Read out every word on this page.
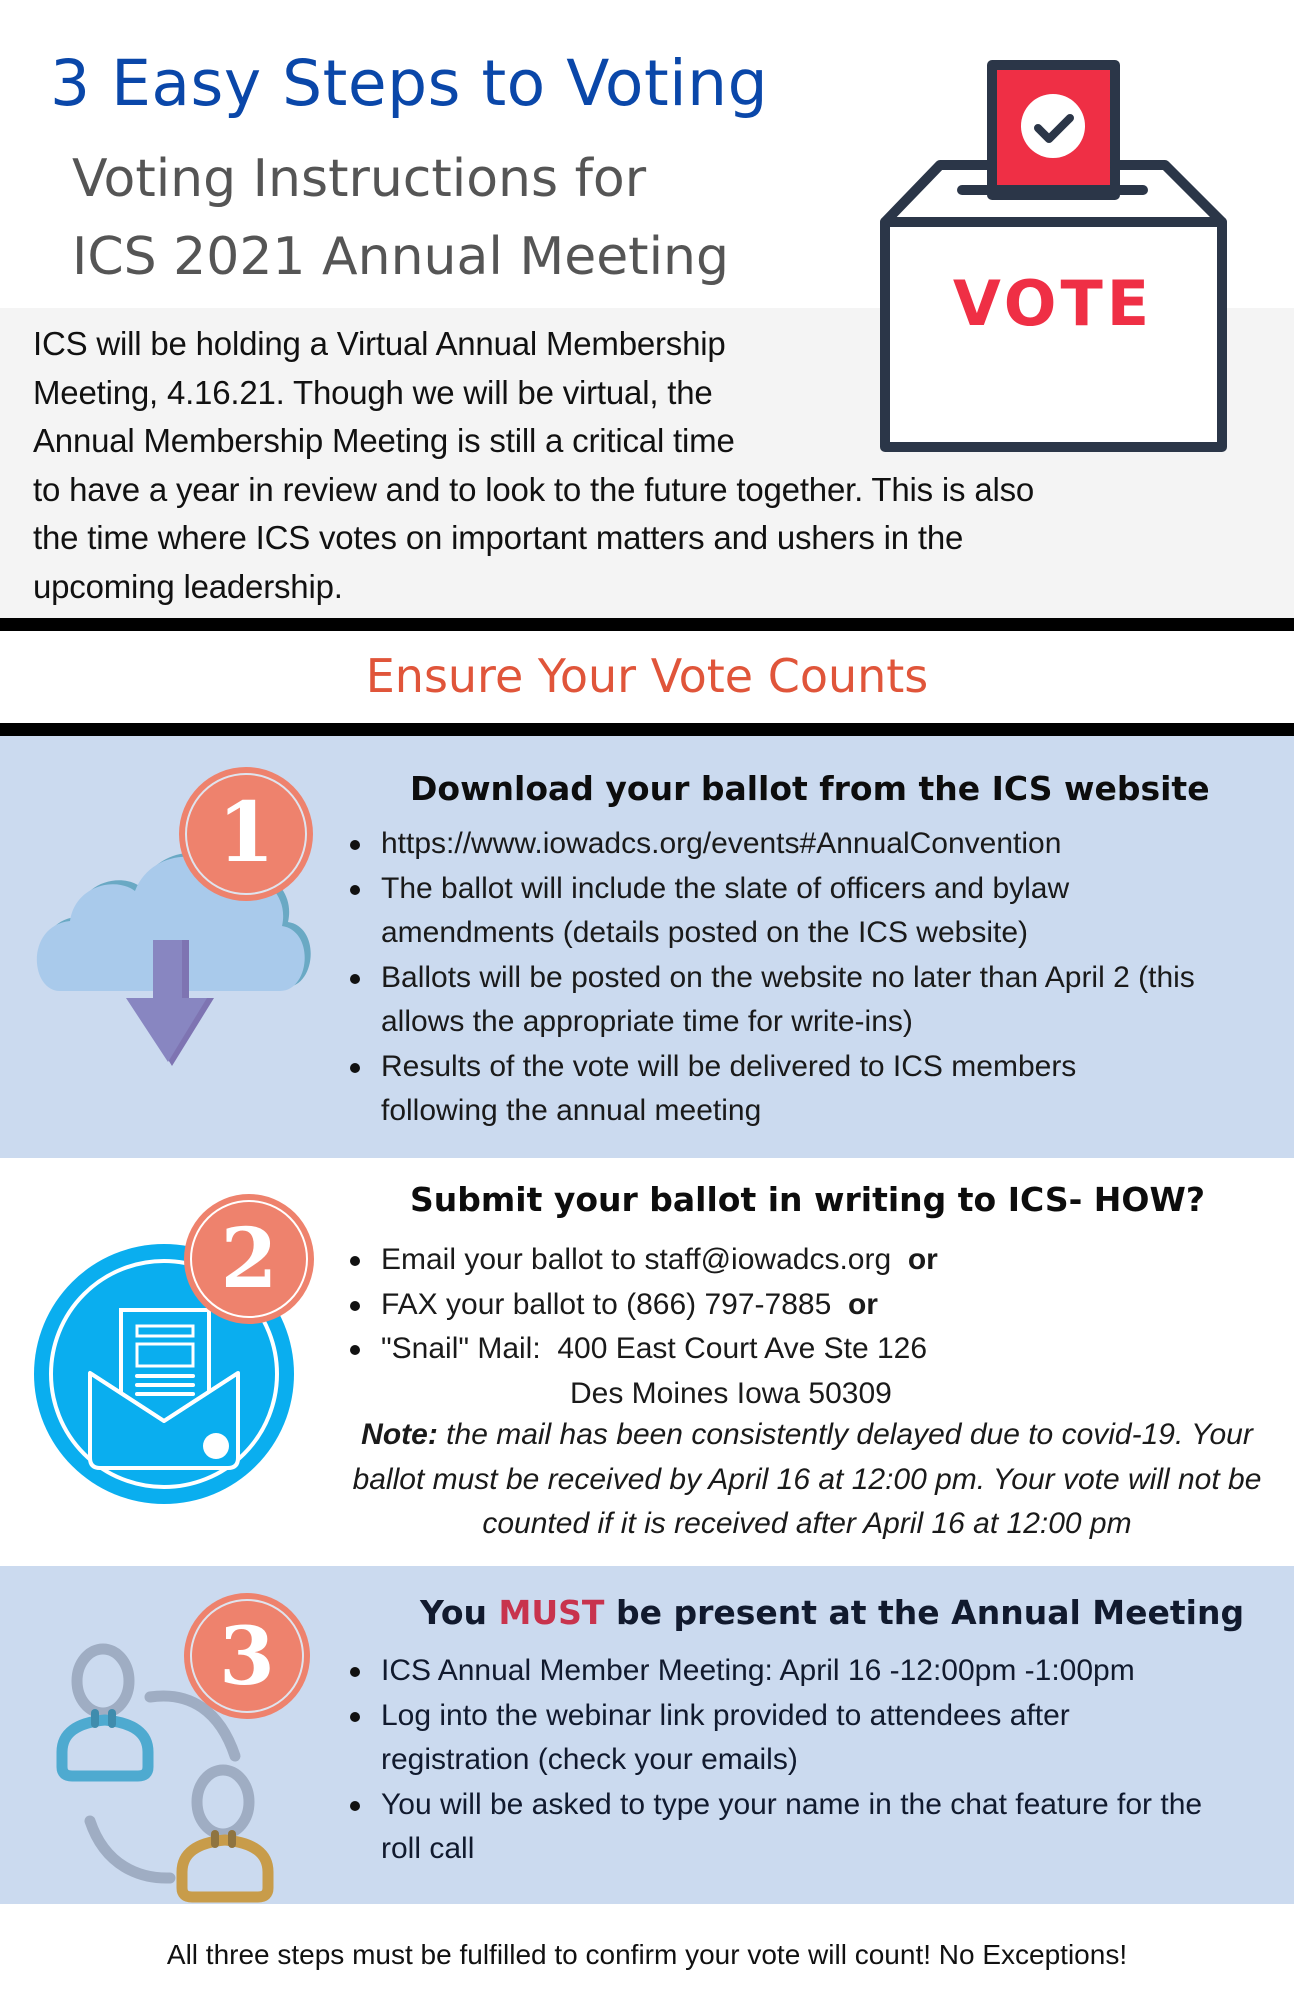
3 Easy Steps to Voting
Voting Instructions for
ICS 2021 Annual Meeting
ICS will be holding a Virtual Annual Membership
Meeting, 4.16.21. Though we will be virtual, the
Annual Membership Meeting is still a critical time
to have a year in review and to look to the future together. This is also
the time where ICS votes on important matters and ushers in the
upcoming leadership.
VOTE
Ensure Your Vote Counts
1	Download your ballot from the ICS website
https://www.iowadcs.org/events#AnnualConvention
The ballot will include the slate of officers and bylaw amendments (details posted on the ICS website)
Ballots will be posted on the website no later than April 2 (this allows the appropriate time for write-ins)
Results of the vote will be delivered to ICS members following the annual meeting
2
Submit your ballot in writing to ICS- HOW?
Email your ballot to staff@iowadcs.org or
FAX your ballot to (866) 797-7885 or
"Snail" Mail:  400 East Court Ave Ste 126
Des Moines Iowa 50309
Note: the mail has been consistently delayed due to covid-19. Your
ballot must be received by April 16 at 12:00 pm. Your vote will not be
counted if it is received after April 16 at 12:00 pm
3	You MUST be present at the Annual Meeting
ICS Annual Member Meeting: April 16 -12:00pm -1:00pm
Log into the webinar link provided to attendees after registration (check your emails)
You will be asked to type your name in the chat feature for the roll call
All three steps must be fulfilled to confirm your vote will count! No Exceptions!
